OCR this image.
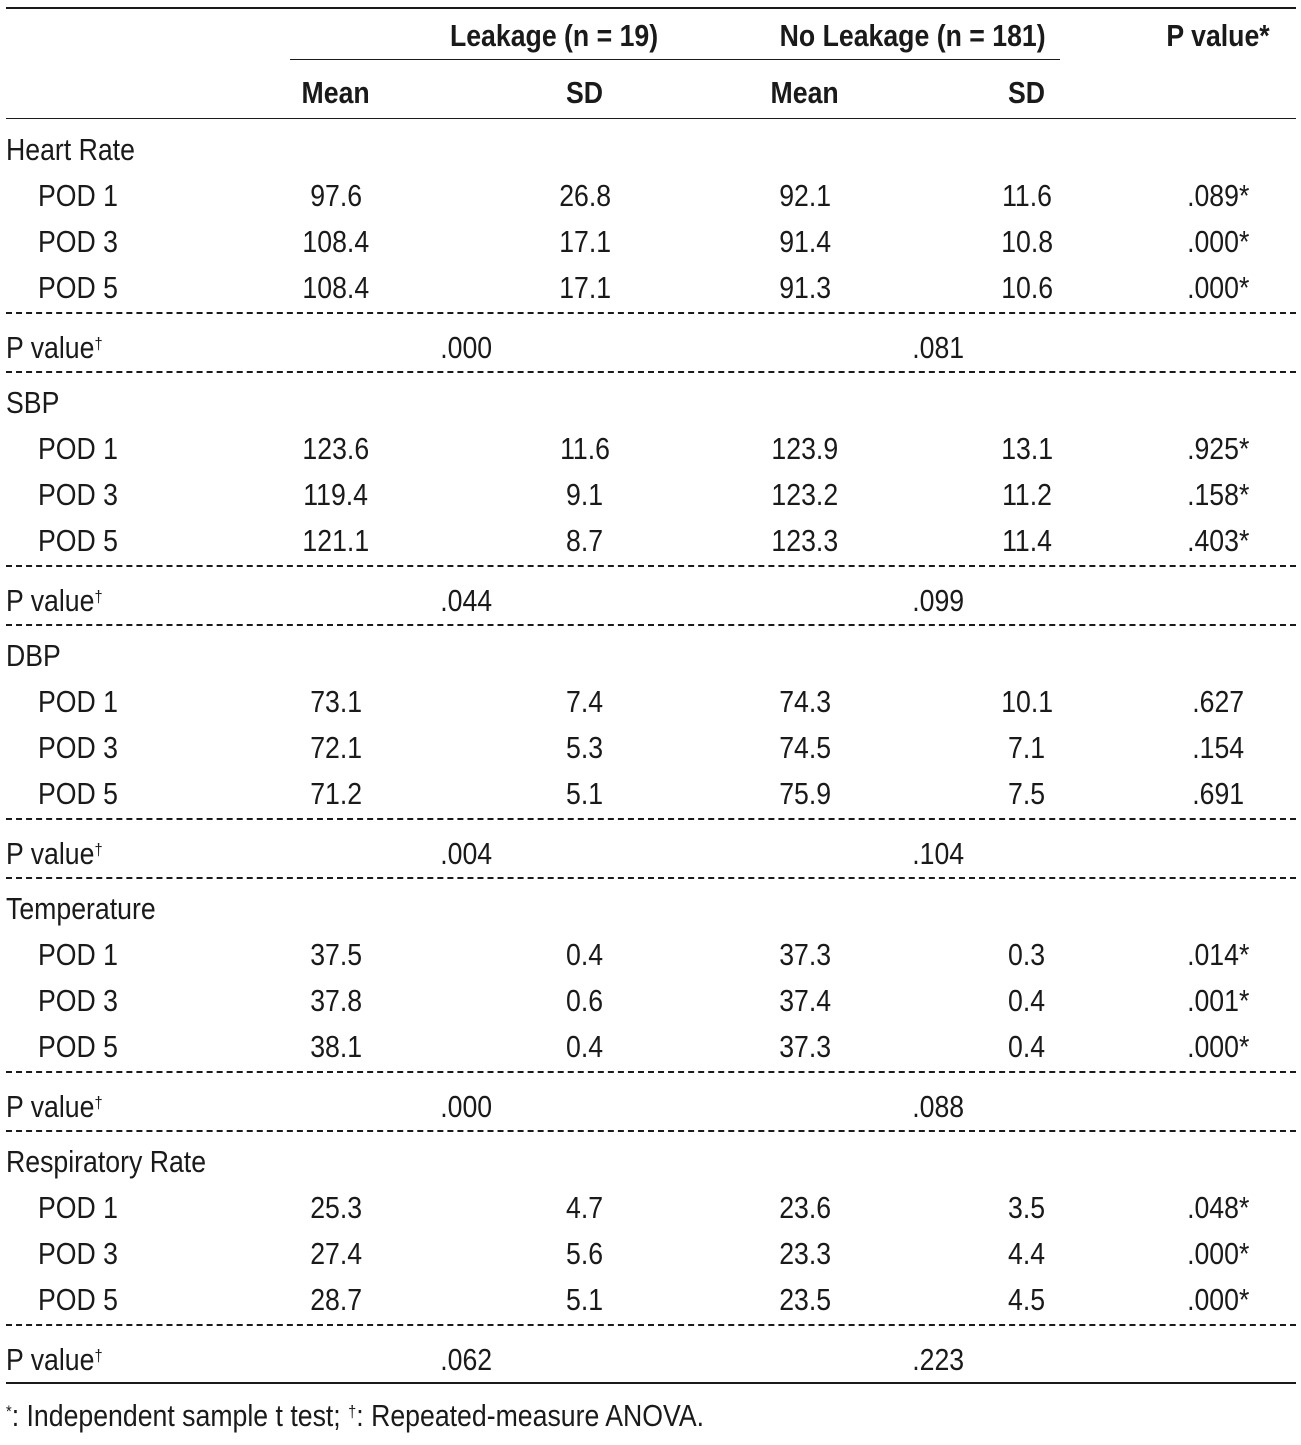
Leakage (n = 19)	No Leakage (n = 181)	P value*
Mean	SD	Mean	SD
Heart Rate
POD 1	97.6	26.8	92.1	11.6	.089*
POD 3	108.4	17.1	91.4	10.8	.000*
POD 5	108.4	17.1	91.3	10.6	.000*
P value†	.000	.081
SBP
POD 1	123.6	11.6	123.9	13.1	.925*
POD 3	119.4	9.1	123.2	11.2	.158*
POD 5	121.1	8.7	123.3	11.4	.403*
P value†	.044	.099
DBP
POD 1	73.1	7.4	74.3	10.1	.627
POD 3	72.1	5.3	74.5	7.1	.154
POD 5	71.2	5.1	75.9	7.5	.691
P value†	.004	.104
Temperature
POD 1	37.5	0.4	37.3	0.3	.014*
POD 3	37.8	0.6	37.4	0.4	.001*
POD 5	38.1	0.4	37.3	0.4	.000*
P value†	.000	.088
Respiratory Rate
POD 1	25.3	4.7	23.6	3.5	.048*
POD 3	27.4	5.6	23.3	4.4	.000*
POD 5	28.7	5.1	23.5	4.5	.000*
P value†	.062	.223
*: Independent sample t test; †: Repeated-measure ANOVA.
